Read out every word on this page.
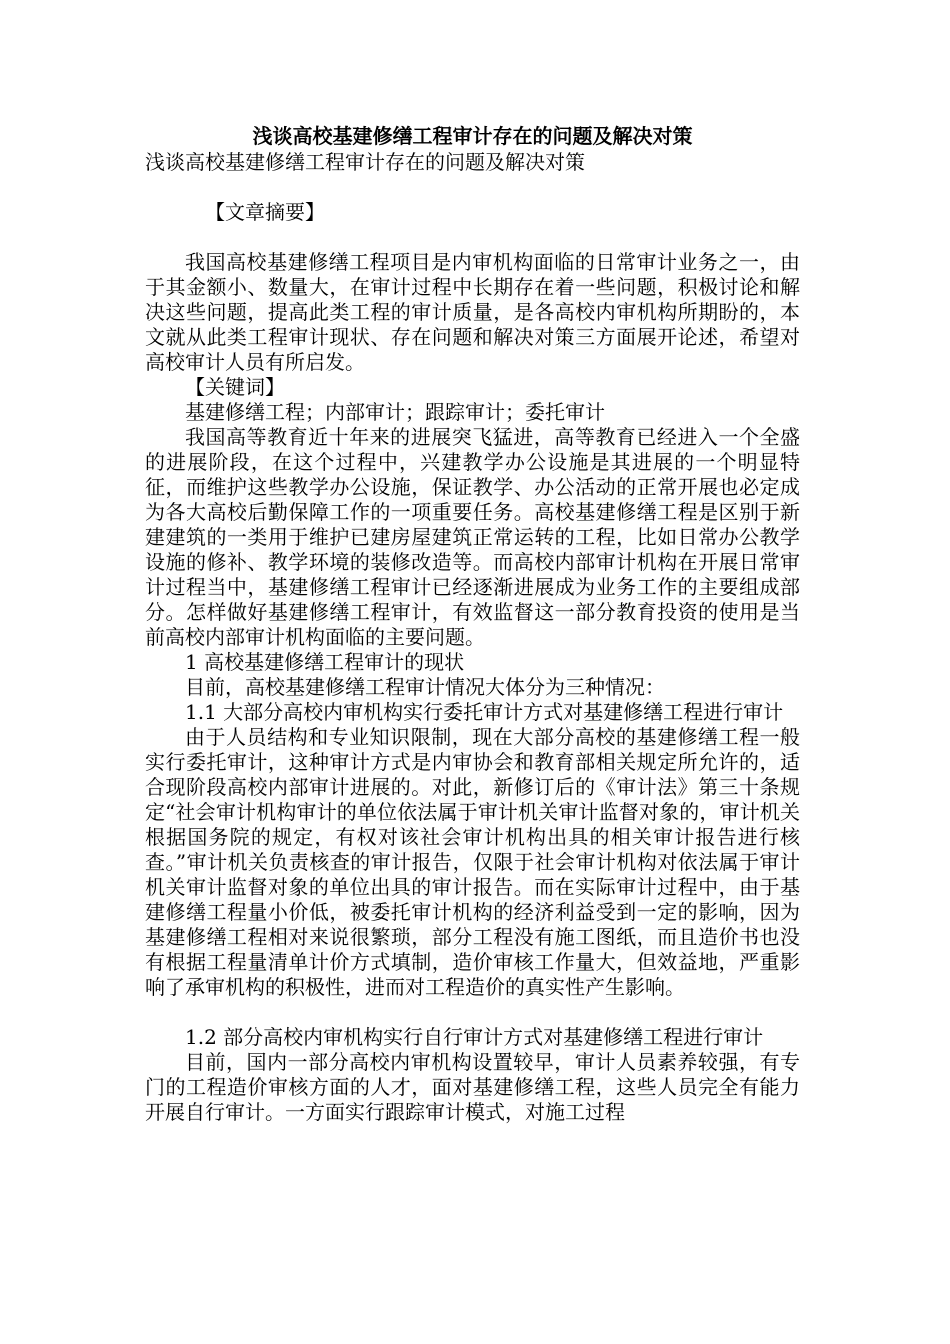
浅谈高校基建修缮工程审计存在的问题及解决对策
浅谈高校基建修缮工程审计存在的问题及解决对策
【文章摘要】
我国高校基建修缮工程项目是内审机构面临的日常审计业务之一，由于其金额小、数量大，在审计过程中长期存在着一些问题，积极讨论和解决这些问题，提高此类工程的审计质量，是各高校内审机构所期盼的，本文就从此类工程审计现状、存在问题和解决对策三方面展开论述，希望对高校审计人员有所启发。
【关键词】
基建修缮工程；内部审计；跟踪审计；委托审计
我国高等教育近十年来的进展突飞猛进，高等教育已经进入一个全盛的进展阶段，在这个过程中，兴建教学办公设施是其进展的一个明显特征，而维护这些教学办公设施，保证教学、办公活动的正常开展也必定成为各大高校后勤保障工作的一项重要任务。高校基建修缮工程是区别于新建建筑的一类用于维护已建房屋建筑正常运转的工程，比如日常办公教学设施的修补、教学环境的装修改造等。而高校内部审计机构在开展日常审计过程当中，基建修缮工程审计已经逐渐进展成为业务工作的主要组成部分。怎样做好基建修缮工程审计，有效监督这一部分教育投资的使用是当前高校内部审计机构面临的主要问题。
1 高校基建修缮工程审计的现状
目前，高校基建修缮工程审计情况大体分为三种情况：
1.1 大部分高校内审机构实行委托审计方式对基建修缮工程进行审计
由于人员结构和专业知识限制，现在大部分高校的基建修缮工程一般实行委托审计，这种审计方式是内审协会和教育部相关规定所允许的，适合现阶段高校内部审计进展的。对此，新修订后的《审计法》第三十条规定“社会审计机构审计的单位依法属于审计机关审计监督对象的，审计机关根据国务院的规定，有权对该社会审计机构出具的相关审计报告进行核查。”审计机关负责核查的审计报告，仅限于社会审计机构对依法属于审计机关审计监督对象的单位出具的审计报告。而在实际审计过程中，由于基建修缮工程量小价低，被委托审计机构的经济利益受到一定的影响，因为基建修缮工程相对来说很繁琐，部分工程没有施工图纸，而且造价书也没有根据工程量清单计价方式填制，造价审核工作量大，但效益地，严重影响了承审机构的积极性，进而对工程造价的真实性产生影响。
1.2 部分高校内审机构实行自行审计方式对基建修缮工程进行审计
目前，国内一部分高校内审机构设置较早，审计人员素养较强，有专门的工程造价审核方面的人才，面对基建修缮工程，这些人员完全有能力开展自行审计。一方面实行跟踪审计模式，对施工过程
